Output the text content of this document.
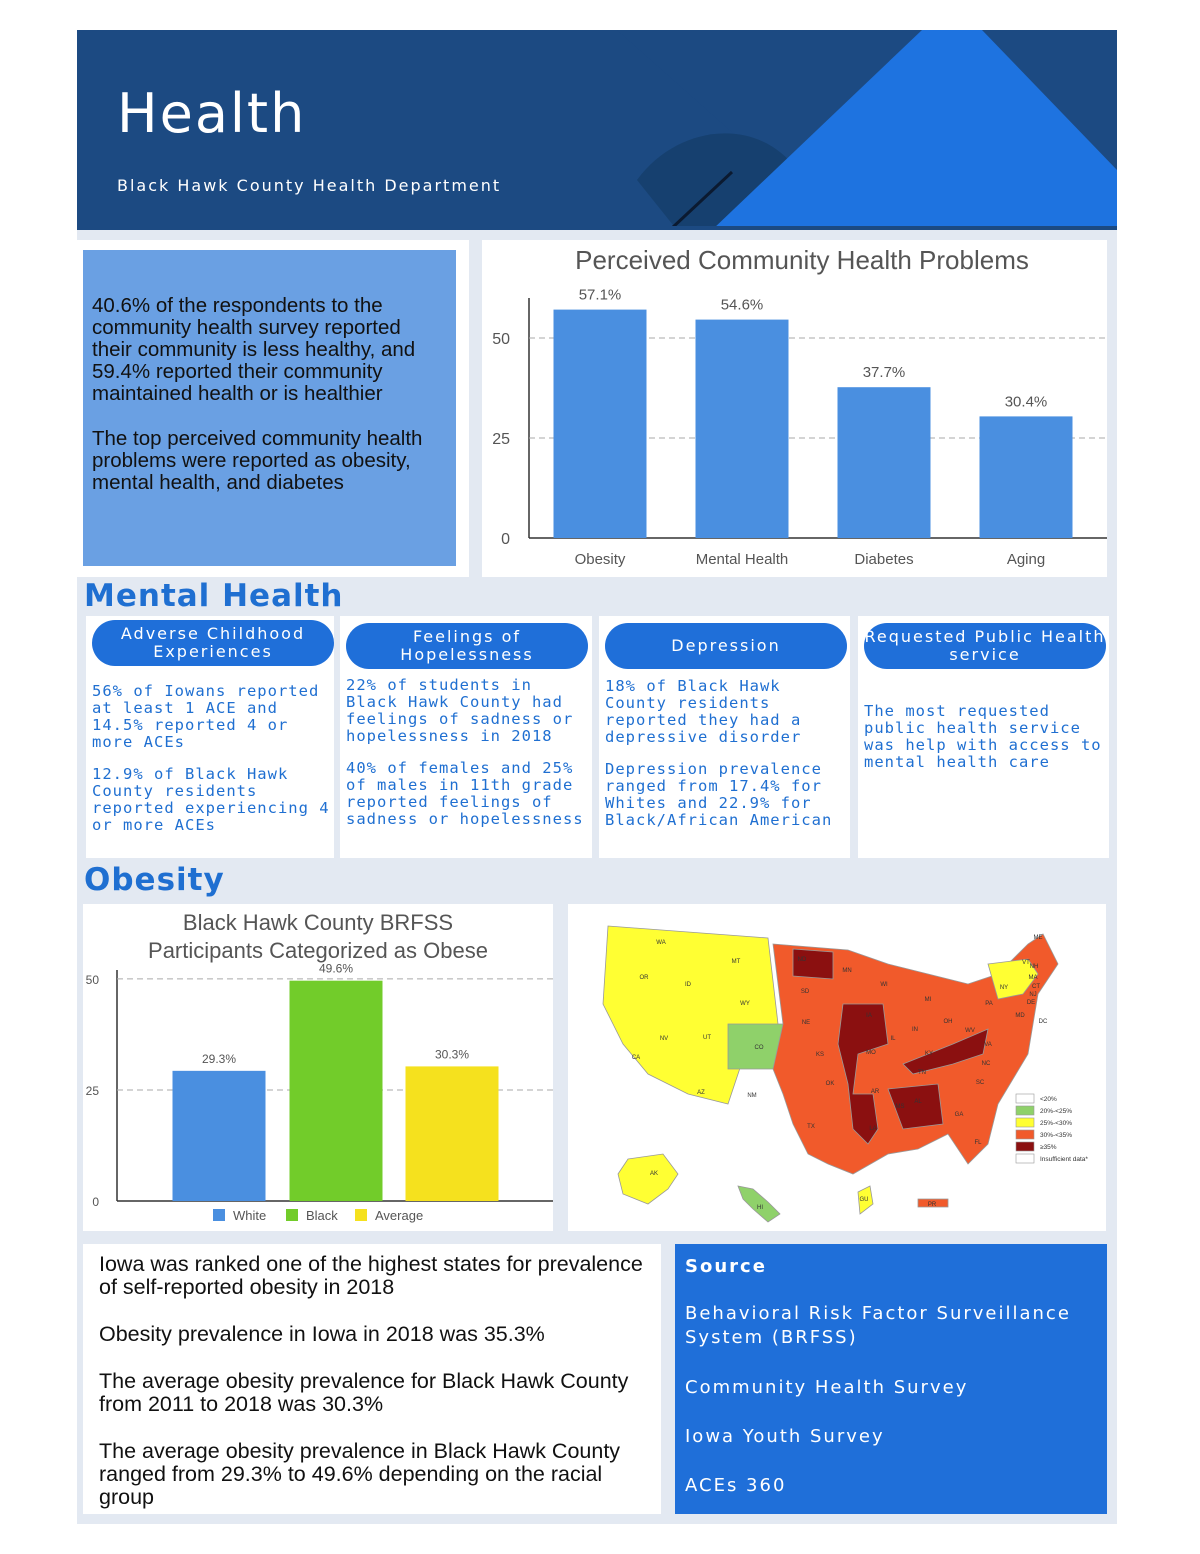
Health
Black Hawk County Health Department

40.6% of the respondents to the community health survey reported their community is less healthy, and 59.4% reported their community maintained health or is healthier

The top perceived community health problems were reported as obesity, mental health, and diabetes

Perceived Community Health Problems
0
25
50
57.1%
Obesity
54.6%
Mental Health
37.7%
Diabetes
30.4%
Aging
Mental Health
Adverse Childhood Experiences

56% of Iowans reported at least 1 ACE and 14.5% reported 4 or more ACEs

12.9% of Black Hawk County residents reported experiencing 4 or more ACEs

Feelings of Hopelessness

22% of students in Black Hawk County had feelings of sadness or hopelessness in 2018

40% of females and 25% of males in 11th grade reported feelings of sadness or hopelessness

Depression

18% of Black Hawk County residents reported they had a depressive disorder

Depression prevalence ranged from 17.4% for Whites and 22.9% for Black/African American

Requested Public Health service

The most requested public health service was help with access to mental health care

Obesity
Black Hawk County BRFSS
Participants Categorized as Obese
0
25
50
29.3%
49.6%
30.3%
White	Black	Average
WA
OR
CA
NV
ID
MT
WY
UT
AZ
CO
NM
ND
SD
NE
KS
OK
TX
MN
IA
MO
AR
LA
WI
IL
MS
AL
TN
KY
IN
MI
OH
GA
FL
SC
NC
VA
WV
PA
NY
ME
VT
NH
MA
CT
NJ
DE
MD
DC
AK
HI
GU
PR
<20%
20%-<25%
25%-<30%
30%-<35%
≥35%
Insufficient data*

Iowa was ranked one of the highest states for prevalence of self-reported obesity in 2018

Obesity prevalence in Iowa in 2018 was 35.3%

The average obesity prevalence for Black Hawk County from 2011 to 2018 was 30.3%

The average obesity prevalence in Black Hawk County ranged from 29.3% to 49.6% depending on the racial group

Source
Behavioral Risk Factor Surveillance System (BRFSS)
Community Health Survey
Iowa Youth Survey
ACEs 360
